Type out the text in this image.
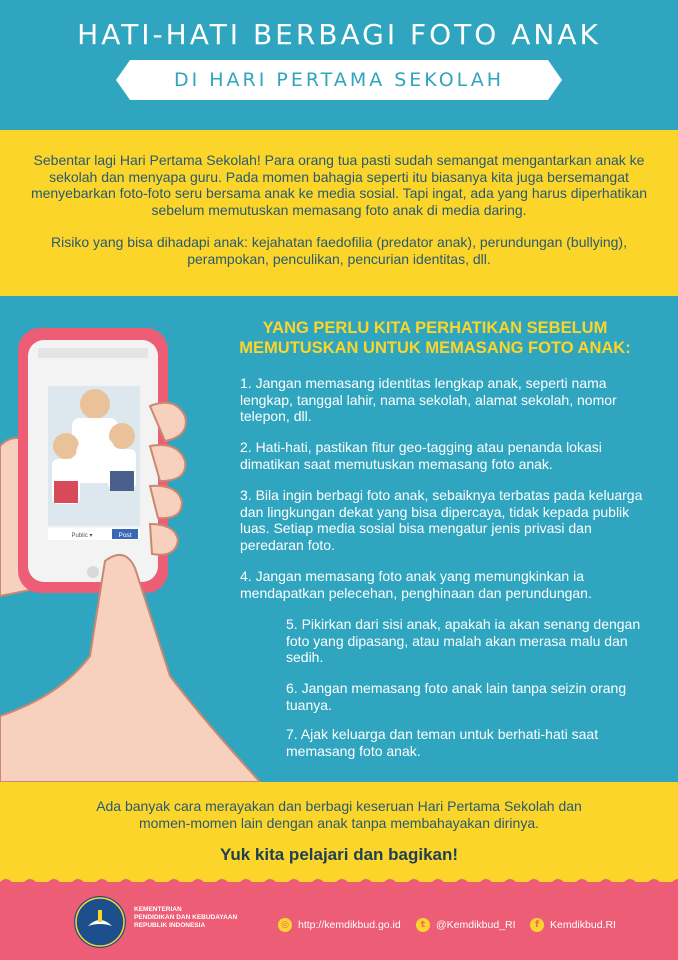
HATI-HATI BERBAGI FOTO ANAK
DI HARI PERTAMA SEKOLAH

Sebentar lagi Hari Pertama Sekolah! Para orang tua pasti sudah semangat mengantarkan anak ke sekolah dan menyapa guru. Pada momen bahagia seperti itu biasanya kita juga bersemangat menyebarkan foto-foto seru bersama anak ke media sosial. Tapi ingat, ada yang harus diperhatikan sebelum memutuskan memasang foto anak di media daring.

Risiko yang bisa dihadapi anak: kejahatan faedofilia (predator anak), perundungan (bullying), perampokan, penculikan, pencurian identitas, dll.

YANG PERLU KITA PERHATIKAN SEBELUM
MEMUTUSKAN UNTUK MEMASANG FOTO ANAK:
1. Jangan memasang identitas lengkap anak, seperti nama lengkap, tanggal lahir, nama sekolah, alamat sekolah, nomor telepon, dll.
2. Hati-hati, pastikan fitur geo-tagging atau penanda lokasi dimatikan saat memutuskan memasang foto anak.
3. Bila ingin berbagi foto anak, sebaiknya terbatas pada keluarga dan lingkungan dekat yang bisa dipercaya, tidak kepada publik luas. Setiap media sosial bisa mengatur jenis privasi dan peredaran foto.
4. Jangan memasang foto anak yang memungkinkan ia mendapatkan pelecehan, penghinaan dan perundungan.
5. Pikirkan dari sisi anak, apakah ia akan senang dengan foto yang dipasang, atau malah akan merasa malu dan sedih.
6. Jangan memasang foto anak lain tanpa seizin orang tuanya.
7. Ajak keluarga dan teman untuk berhati-hati saat memasang foto anak.
50%
uploading
Public ▾	Post
Ada banyak cara merayakan dan berbagi keseruan Hari Pertama Sekolah dan momen-momen lain dengan anak tanpa membahayakan dirinya.
Yuk kita pelajari dan bagikan!
KEMENTERIAN
PENDIDIKAN DAN KEBUDAYAAN
REPUBLIK INDONESIA	◎ http://kemdikbud.go.id	t	@Kemdikbud_RI	f	Kemdikbud.RI
